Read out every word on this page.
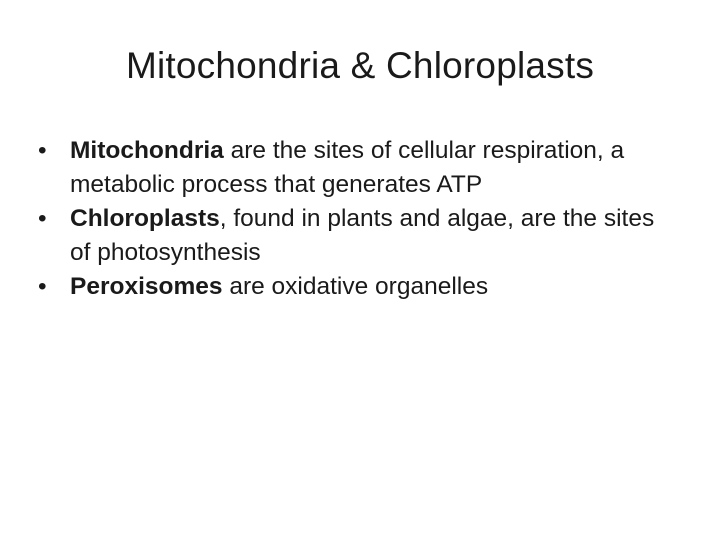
Mitochondria & Chloroplasts
• Mitochondria are the sites of cellular respiration, a metabolic process that generates ATP
• Chloroplasts, found in plants and algae, are the sites of photosynthesis
• Peroxisomes are oxidative organelles
